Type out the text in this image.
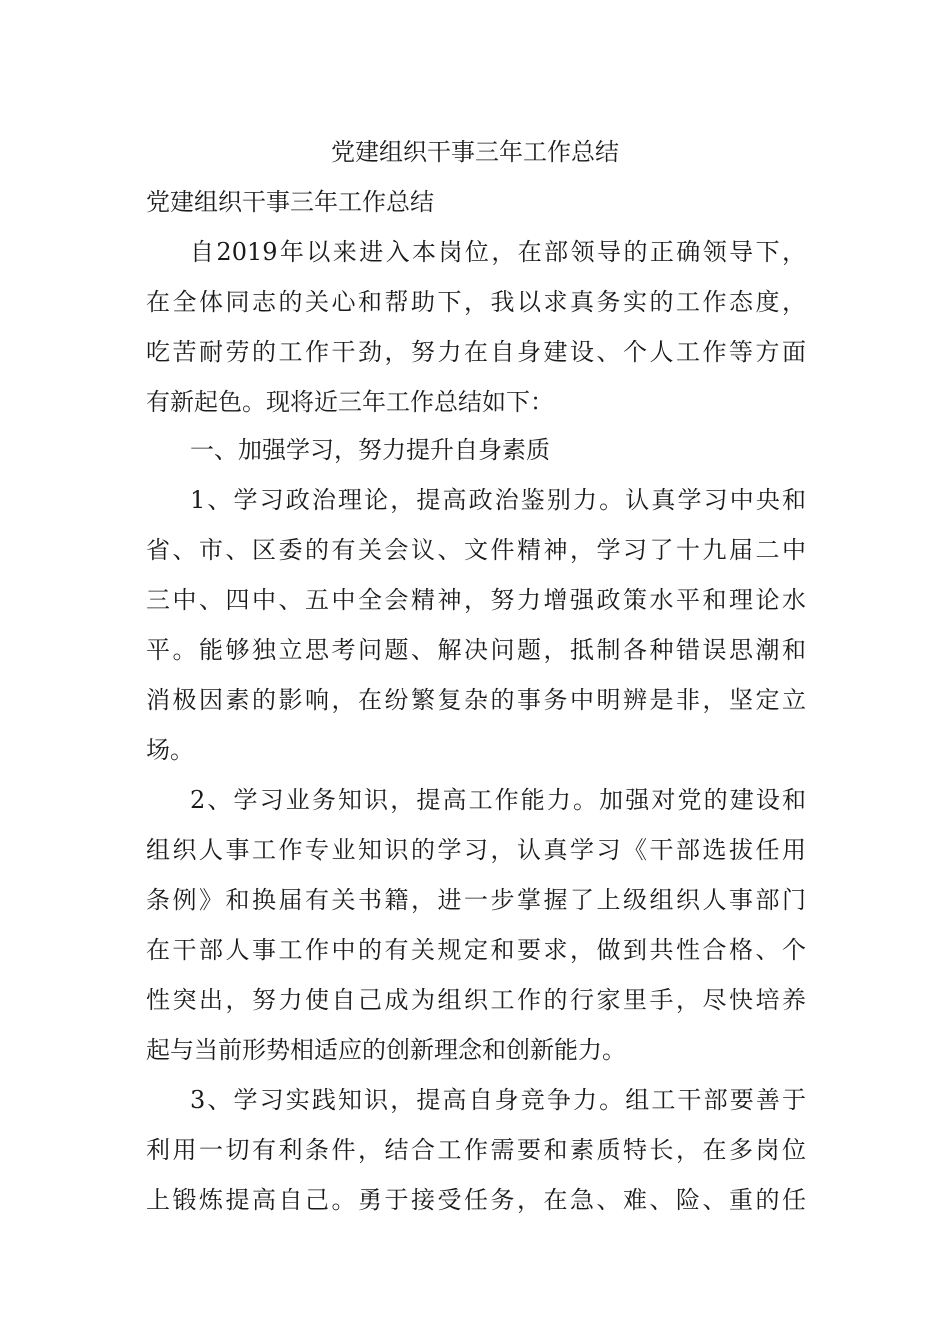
党建组织干事三年工作总结
党建组织干事三年工作总结
自2019年以来进入本岗位，在部领导的正确领导下，
在全体同志的关心和帮助下，我以求真务实的工作态度，
吃苦耐劳的工作干劲，努力在自身建设、个人工作等方面
有新起色。现将近三年工作总结如下：
一、加强学习，努力提升自身素质
1、学习政治理论，提高政治鉴别力。认真学习中央和
省、市、区委的有关会议、文件精神，学习了十九届二中
三中、四中、五中全会精神，努力增强政策水平和理论水
平。能够独立思考问题、解决问题，抵制各种错误思潮和
消极因素的影响，在纷繁复杂的事务中明辨是非，坚定立
场。
2、学习业务知识，提高工作能力。加强对党的建设和
组织人事工作专业知识的学习，认真学习《干部选拔任用
条例》和换届有关书籍，进一步掌握了上级组织人事部门
在干部人事工作中的有关规定和要求，做到共性合格、个
性突出，努力使自己成为组织工作的行家里手，尽快培养
起与当前形势相适应的创新理念和创新能力。
3、学习实践知识，提高自身竞争力。组工干部要善于
利用一切有利条件，结合工作需要和素质特长，在多岗位
上锻炼提高自己。勇于接受任务，在急、难、险、重的任
